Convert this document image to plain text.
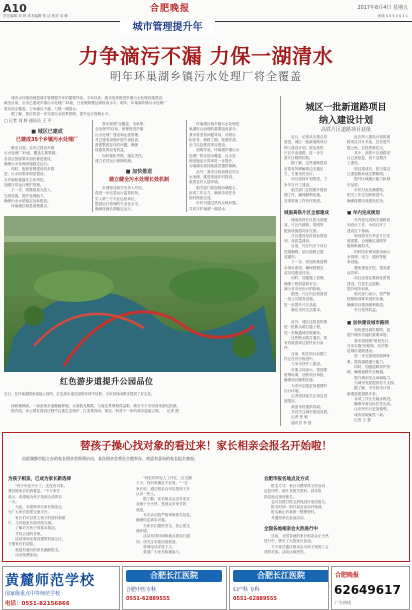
A10	合肥晚报	2017年8月4日 星期五
责任编辑 刘 婷 美术编辑 张 洁 校对 吴 敏	热线 5 5 5 5 0 1 1
城市管理提升年
力争滴污不漏 力保一湖清水
明年环巢湖乡镇污水处理厂将全覆盖
　　城市水环境治理是城市管理提升年的重要内容。今年以来，我市加快推进乡镇污水处理设施建设，
截至目前，全市已建成乡镇污水处理厂35座，日处理规模达到较高水平。明年，环巢湖乡镇污水处理厂
将实现全覆盖，力争滴污不漏，力保一湖清水。
　　据了解，我市将进一步完善污水收集管网，提升运行管理水平。
□ 记者 刘 婷 通讯员 王 平
■ 城区已建成
已建成35个乡镇污水处理厂
　　截至目前，全市已建成乡镇
污水处理厂35座，覆盖主要集镇。
各县区按照要求加快推进建设，
确保污水处理设施稳定运行。
　　同时，配套管网建设同步推
进，污水收集率明显提高。
各乡镇积极落实主体责任，
加强日常运行维护管理。
　　下一步，将继续加大投入，
完善设施，提升处理能力。
确保出水水质稳定达标排放。
　　环巢湖区域是治理重点。
　　我市按照"全覆盖、全收集、
全处理"的目标，统筹推进乡镇
污水处理厂建设和运营管理。
对已建成设施开展专项检查，
督促整改存在的问题，确保
设施发挥应有效益。
　　同时强化考核，落实责任。
建立长效运行保障机制。
■ 加快推进
建立健全污水处理长效机制
　　市城管局相关负责人介绍，
将进一步完善运行监管机制，
引入第三方专业运营单位，
提高运行管理的专业化水平。
确保设施长期稳定运行。
　　环巢湖区域乡镇污水处理是
巢湖综合治理的重要组成部分。
我市将坚持问题导向，对照目
标任务，倒排工期，挂图作战，
全力以赴推进项目建设。
　　到明年底，环巢湖乡镇污水
处理厂将实现全覆盖，污水处
理设施运行效率进一步提升，
为巢湖水质持续改善提供保障。
　　此外，我市还将加强农村污
水治理，推进美丽乡村建设，
改善农村人居环境。
　　相关部门将加强协调配合，
形成工作合力，确保各项任务
按时保质完成。
　　市民可通过热线反映问题。
共同守护巢湖一湖清水。
红色游步道提升公园品位
近日，在环巢湖国家湿地公园内，红色游步道在绿树环绕中延伸，为市民休闲散步提供了好去处。
　　绿树掩映间，一条条游步道蜿蜒伸展，水面波光粼粼，与周边景观相得益彰，吸引不少市民前来游玩拍照。
　　据介绍，该公园在建设过程中注重生态保护，打造集休闲、观光、科普于一体的城市湿地公园。　 记者 摄
城区一批新道路项目
纳入建设计划
高铁片区道路项目获批
　　近日，记者从市重点局
获悉，城区一批新道路项目
纳入建设计划，涉及高铁
片区多条道路，进一步完
善片区路网结构。
　　据了解，这些道路建成
后将有效缓解周边交通压
力，方便市民出行。
　　项目将按计划推进，力
争早日开工建设。
　　相关部门正抓紧开展前
期工作，确保顺利实施。
各项准备工作有序推进。
　　此次纳入建设计划的道
路项目共计多条，总长度约
数公里，总投资数亿元。
　　其中，高铁片区道路项
目已获批复，将于近期开
工建设。
　　项目建成后，将与周边
已建道路形成完整路网。
　　提升区域通行能力和城
市品质。
　　市民对此充满期待。
相关工作正加快推进中。
确保按期完成建设任务。
城南高铁片区全部建成
　　城南高铁片区将全部建
成，片区内道路、管网等
配套设施将同步完善。
　　片区建设坚持高标准规
划、高质量建设。
　　目前，片区内多个项目
进展顺利，部分道路已建
成通车。
　　下一步，将加快推进剩
余项目建设，确保按期完
成各项建设任务。
　　同时，加强施工管理，
确保工程质量和安全。
减少对市民出行的影响。
　　据悉，片区内还将建设
一批公共服务设施。
进一步提升片区品质。
　　满足市民生活需求。
■ 年内完成规划
　　年内将完成相关道路规
划设计工作，为项目开工
建设打下基础。
　　规划将充分考虑片区发
展需要，合理确定道路等
级和断面形式。
　　同时同步规划建设雨污
水管网、电力、通信等配
套设施。
　　避免重复开挖，提高建
设效率。
　　项目还将注重绿化景观
建设，打造生态道路。
提升城市形象。
　　相关部门表示，将严格
按照规划要求组织实施。
确保项目建设顺利推进。
　　早日发挥效益。
■ 加快建设城市路网
　　此外，城区还将加快推
进一批断头路打通工程，
进一步畅通城市微循环。
　　这些断头路打通后，将
有效改善周边居民出行条
件。
　　目前，相关项目前期工
作正在有序推进中。
　　力争尽快开工建设。
　　市重点局表示，将加强
统筹协调，加快项目审批，
确保项目顺利实施。
　　为市民创造更加便捷的
出行环境。
　　记者将持续关注项目进
展情况。
　　欢迎市民提供线索。
　　共同关注城市建设发展。
　　记者 张 敏
　　通讯员 李 强
　　加快建设城市路网，是
提升城市功能的重要举措。
　　我市将按照"规划先行、
分步实施"的原则，有序推
进城市道路建设。
　　进一步完善城市路网体
系，提高道路通行能力。
　　同时，加强道路养护管
理，确保道路安全畅通。
　　提升城市综合承载能力。
　　为城市发展提供有力支撑。
　　据了解，今年我市计划
新建改建道路多条。
　　各项工作正在稳步推进。
　　确保年度目标任务完成。
　　让市民出行更加便利。
　　城市面貌焕然一新。
　　记者 王 强
替孩子操心找对象的看过来！家长相亲会报名开始啦！
由滨湖都市报主办的家长相亲会即将启动，本次相亲会将在合肥举办，欢迎有意向的家长报名参加。
为孩子相亲，已成为家长新选择
　　"孩子年纪不小了，还没有对象，
我们做家长的真着急。"不少家长
表示，希望能为孩子找到合适的另
一半。
　　为此，本报特举办家长相亲会，
为广大家长搭建交流平台。
　　家长们可以带上孩子的资料和照
片，与其他家长面对面交流。
　　了解对方孩子的基本情况。
　　寻找合适的对象。
　　活动现场还将设置资料展示区，
方便家长们浏览。
　　欢迎有意向的家长踊跃报名。
　　活动免费参加。
　　"现在的年轻人工作忙，社交圈
子小，找对象确实不容易。"一位
家长说，通过相亲会可以帮孩子多
认识一些人。
　　据了解，家长相亲会近年来在
各地十分火热，受到众多家长的
欢迎。
　　本次活动将严格审核报名信息，
确保信息真实可靠。
　　为家长们提供安全、放心的交
流环境。
　　活动具体时间和地点将另行通
知，请关注本报后续报道。
　　咨询电话详见下文。
　　欢迎广大家长积极参与。
合肥市报名地点及方式
　　报名方式：家长可携带孩子的身份
证复印件、照片及相关资料，到本报
指定地点现场报名。
　　也可以拨打报名热线进行电话报名。
　　报名时间：即日起至活动开始前。
　　报名截止后将统一整理资料。
　　并通知家长参加活动。
全国各地相亲会火热进行中
　　目前，全国各地的家长相亲会正火热
进行中，吸引了大批家长参加。
　　不少家长通过相亲会为孩子找到了合
适的对象。活动反响热烈。
黄麓师范学校
国家级重点中等师范学校
电话：0551-82156866
合肥长江医院
合肥中医专科
0551-62889555
合肥长江医院
妇产科 专科
0551-62889555
合肥晚报
62649617
广告热线
